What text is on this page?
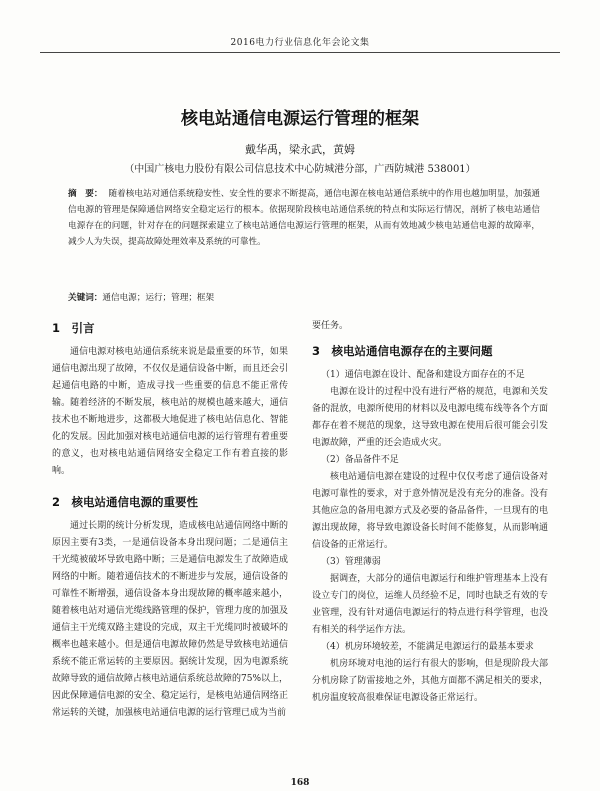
2016电力行业信息化年会论文集
核电站通信电源运行管理的框架
戴华禹，梁永武，黄姆
（中国广核电力股份有限公司信息技术中心防城港分部，广西防城港 538001）
摘　要： 随着核电站对通信系统稳安性、安全性的要求不断提高，通信电源在核电站通信系统中的作用也越加明显，加强通信电源的管理是保障通信网络安全稳定运行的根本。依据现阶段核电站通信系统的特点和实际运行情况，剖析了核电站通信电源存在的问题，针对存在的问题探索建立了核电站通信电源运行管理的框架，从而有效地减少核电站通信电源的故障率，减少人为失误，提高故障处理效率及系统的可靠性。
关键词：通信电源；运行；管理；框架
1　引言

通信电源对核电站通信系统来说是最重要的环节，如果通信电源出现了故障，不仅仅是通信设备中断，而且还会引起通信电路的中断，造成寻找一些重要的信息不能正常传输。随着经济的不断发展，核电站的规模也越来越大，通信技术也不断地进步，这都极大地促进了核电站信息化、智能化的发展。因此加强对核电站通信电源的运行管理有着重要的意义，也对核电站通信网络安全稳定工作有着直接的影响。

2　核电站通信电源的重要性

通过长期的统计分析发现，造成核电站通信网络中断的原因主要有3类，一是通信设备本身出现问题；二是通信主干光缆被破坏导致电路中断；三是通信电源发生了故障造成网络的中断。随着通信技术的不断进步与发展，通信设备的可靠性不断增强，通信设备本身出现故障的概率越来越小，随着核电站对通信光缆线路管理的保护，管理力度的加强及通信主干光缆双路主建设的完成，双主干光缆同时被破坏的概率也越来越小。但是通信电源故障仍然是导致核电站通信系统不能正常运转的主要原因。据统计发现，因为电源系统故障导致的通信故障占核电站通信系统总故障的75%以上，因此保障通信电源的安全、稳定运行，是核电站通信网络正常运转的关键，加强核电站通信电源的运行管理已成为当前

要任务。

3　核电站通信电源存在的主要问题
（1）通信电源在设计、配备和建设方面存在的不足

电源在设计的过程中没有进行严格的规范，电源和关发备的混放，电源所使用的材料以及电源电缆布线等各个方面都存在着不规范的现象，这导致电源在使用后很可能会引发电源故障，严重的还会造成火灾。

（2）备品备件不足

核电站通信电源在建设的过程中仅仅考虑了通信设备对电源可靠性的要求，对于意外情况是没有充分的准备。没有其他应急的备用电源方式及必要的备品备件，一旦现有的电源出现故障，将导致电源设备长时间不能修复，从而影响通信设备的正常运行。

（3）管理薄弱

据调查，大部分的通信电源运行和维护管理基本上没有设立专门的岗位，运维人员经验不足，同时也缺乏有效的专业管理，没有针对通信电源运行的特点进行科学管理，也没有相关的科学运作方法。

（4）机房环境较差，不能满足电源运行的最基本要求

机房环境对电池的运行有很大的影响，但是现阶段大部分机房除了防雷接地之外，其他方面都不满足相关的要求，机房温度较高很难保证电源设备正常运行。

168
